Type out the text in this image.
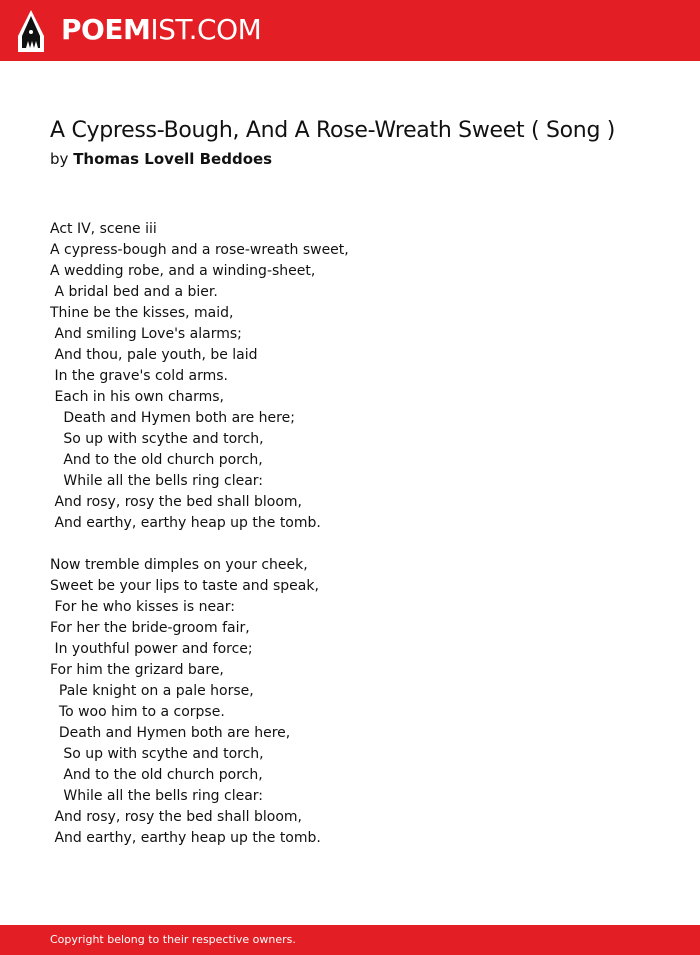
POEMIST.COM
A Cypress-Bough, And A Rose-Wreath Sweet ( Song )
by Thomas Lovell Beddoes
Act IV, scene iii
A cypress-bough and a rose-wreath sweet,
A wedding robe, and a winding-sheet,
A bridal bed and a bier.
Thine be the kisses, maid,
And smiling Love's alarms;
And thou, pale youth, be laid
In the grave's cold arms.
Each in his own charms,
Death and Hymen both are here;
So up with scythe and torch,
And to the old church porch,
While all the bells ring clear:
And rosy, rosy the bed shall bloom,
And earthy, earthy heap up the tomb.
Now tremble dimples on your cheek,
Sweet be your lips to taste and speak,
For he who kisses is near:
For her the bride-groom fair,
In youthful power and force;
For him the grizard bare,
Pale knight on a pale horse,
To woo him to a corpse.
Death and Hymen both are here,
So up with scythe and torch,
And to the old church porch,
While all the bells ring clear:
And rosy, rosy the bed shall bloom,
And earthy, earthy heap up the tomb.
Copyright belong to their respective owners.
